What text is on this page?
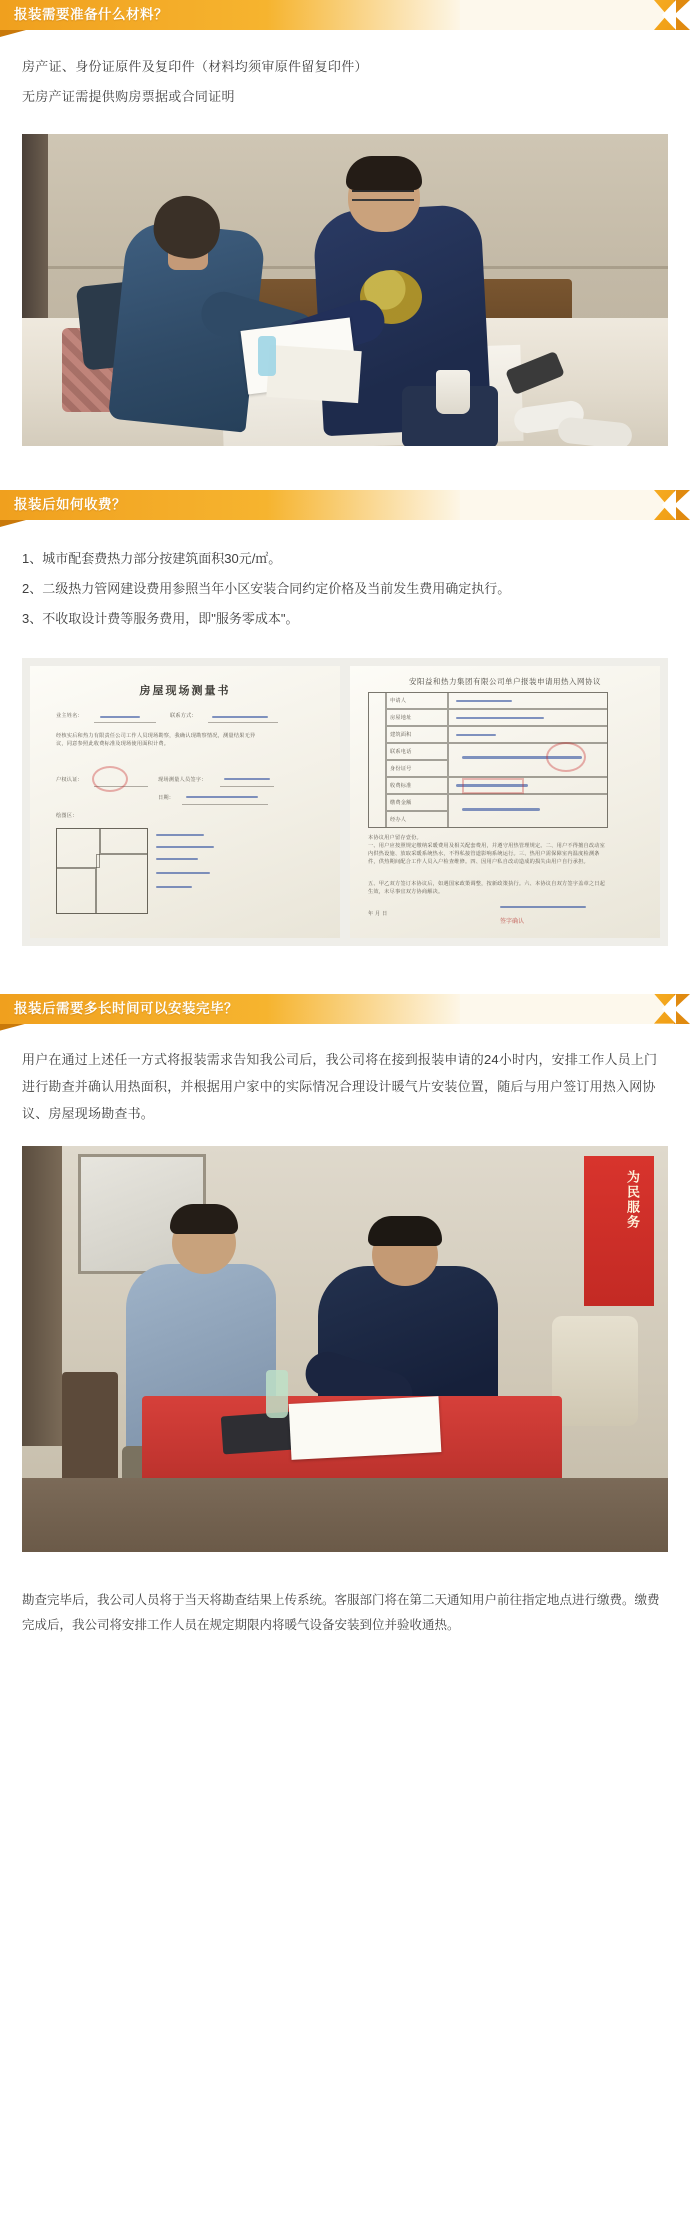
报装需要准备什么材料？

房产证、身份证原件及复印件（材料均须审原件留复印件）

无房产证需提供购房票据或合同证明

报装后如何收费？
1、城市配套费热力部分按建筑面积30元/㎡。
2、二级热力管网建设费用参照当年小区安装合同约定价格及当前发生费用确定执行。
3、不收取设计费等服务费用，即"服务零成本"。
房屋现场测量书
业主姓名：	联系方式：
经核实后和热力有限责任公司工作人员现场勘察，我确认现勘察情况，测量结果无异议，同意参照此收费标准及现场使用面积计费。
户权认证：	现场测量人员签字：
日期：
绘图区：
安阳益和热力集团有限公司单户报装申请用热入网协议
申请人
房屋地址
建筑面积
联系电话
身份证号
收费标准
缴费金额
经办人
本协议用户留存壹份。
一、用户应按照规定缴纳采暖费用及相关配套费用，并遵守用热管理规定。二、用户不得擅自改动室内供热设施、放取采暖系统热水，不得私接管道影响系统运行。三、热用户需保障室内温度检测条件，供热期间配合工作人员入户检查维修。四、因用户私自改动造成的损失由用户自行承担。
五、甲乙双方签订本协议后，如遇国家政策调整，按新政策执行。六、本协议自双方签字盖章之日起生效，未尽事宜双方协商解决。
年 月 日
签字确认
报装后需要多长时间可以安装完毕？

用户在通过上述任一方式将报装需求告知我公司后，我公司将在接到报装申请的24小时内，安排工作人员上门进行勘查并确认用热面积，并根据用户家中的实际情况合理设计暖气片安装位置，随后与用户签订用热入网协议、房屋现场勘查书。

为民服务

勘查完毕后，我公司人员将于当天将勘查结果上传系统。客服部门将在第二天通知用户前往指定地点进行缴费。缴费完成后，我公司将安排工作人员在规定期限内将暖气设备安装到位并验收通热。
